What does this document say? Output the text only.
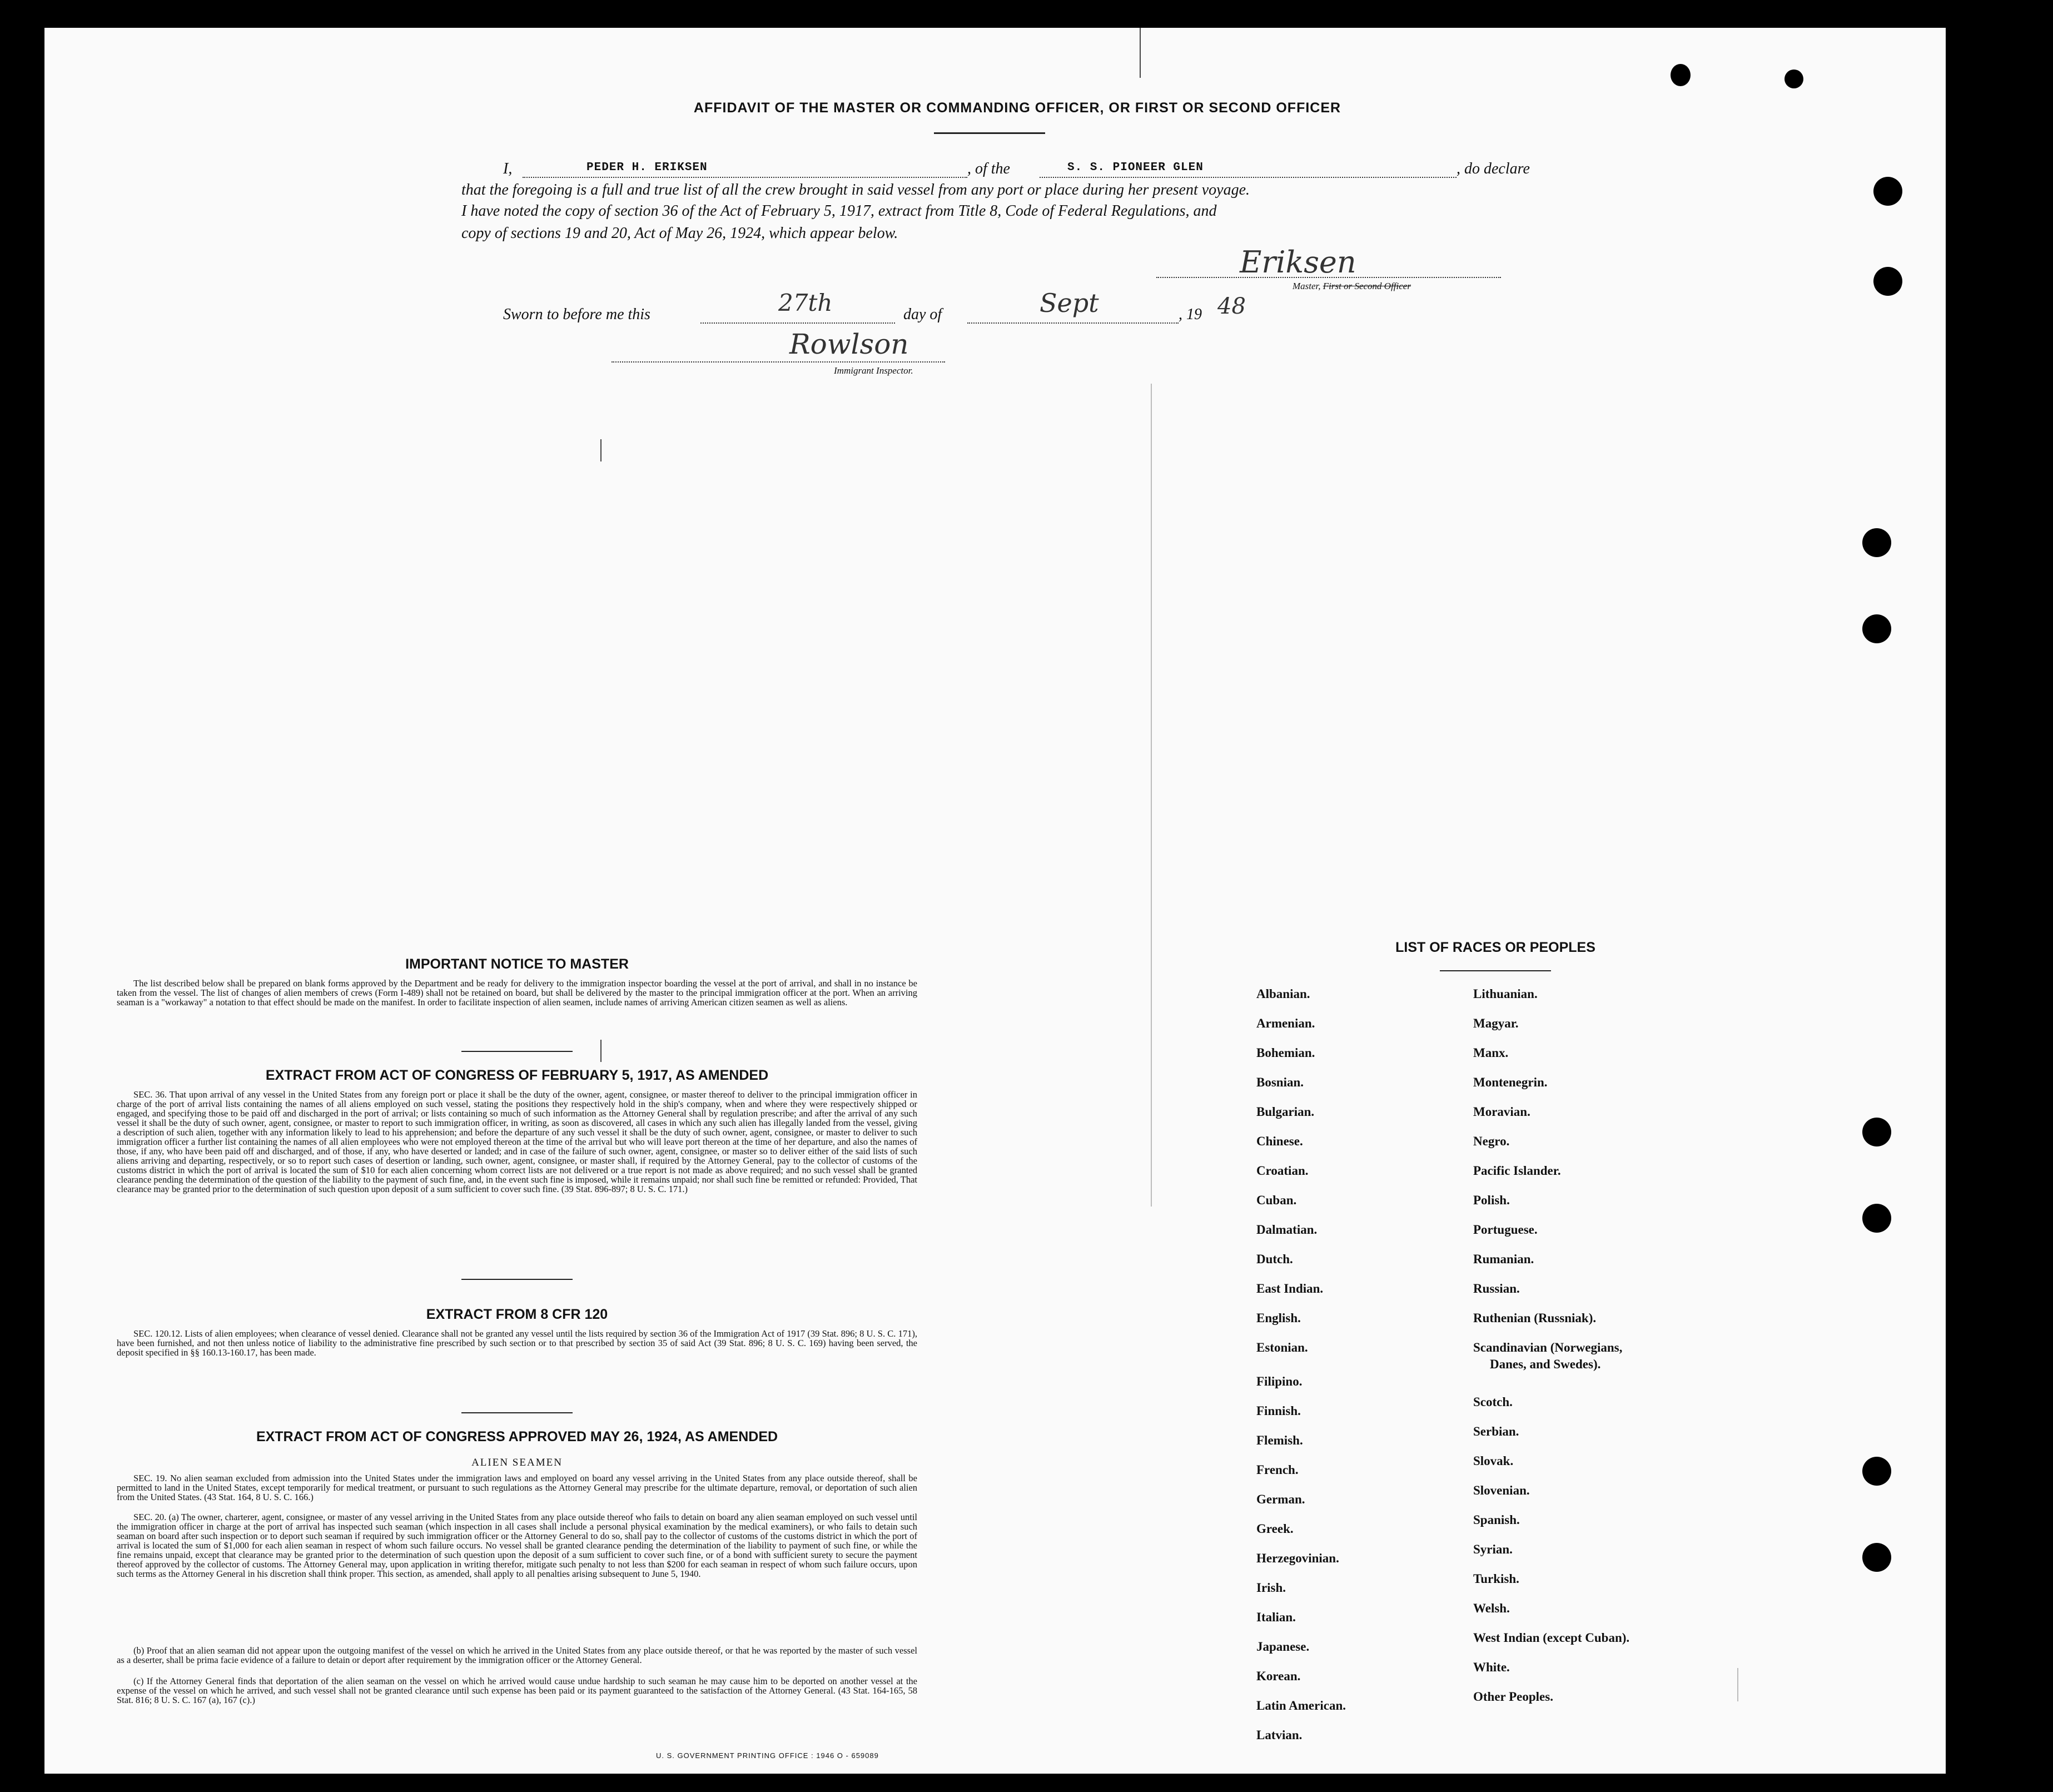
AFFIDAVIT OF THE MASTER OR COMMANDING OFFICER, OR FIRST OR SECOND OFFICER
I,	PEDER H. ERIKSEN	, of the	S. S. PIONEER GLEN	, do declare
that the foregoing is a full and true list of all the crew brought in said vessel from any port or place during her present voyage.
I have noted the copy of section 36 of the Act of February 5, 1917, extract from Title 8, Code of Federal Regulations, and
copy of sections 19 and 20, Act of May 26, 1924, which appear below.
Eriksen
Master, First or Second Officer
Sworn to before me this	27th	day of	Sept	, 19 48
Rowlson
Immigrant Inspector.
IMPORTANT NOTICE TO MASTER
The list described below shall be prepared on blank forms approved by the Department and be ready for delivery to the immigration inspector boarding the vessel at the port of arrival, and shall in no instance be taken from the vessel. The list of changes of alien members of crews (Form I-489) shall not be retained on board, but shall be delivered by the master to the principal immigration officer at the port. When an arriving seaman is a "workaway" a notation to that effect should be made on the manifest. In order to facilitate inspection of alien seamen, include names of arriving American citizen seamen as well as aliens.
EXTRACT FROM ACT OF CONGRESS OF FEBRUARY 5, 1917, AS AMENDED
SEC. 36. That upon arrival of any vessel in the United States from any foreign port or place it shall be the duty of the owner, agent, consignee, or master thereof to deliver to the principal immigration officer in charge of the port of arrival lists containing the names of all aliens employed on such vessel, stating the positions they respectively hold in the ship's company, when and where they were respectively shipped or engaged, and specifying those to be paid off and discharged in the port of arrival; or lists containing so much of such information as the Attorney General shall by regulation prescribe; and after the arrival of any such vessel it shall be the duty of such owner, agent, consignee, or master to report to such immigration officer, in writing, as soon as discovered, all cases in which any such alien has illegally landed from the vessel, giving a description of such alien, together with any information likely to lead to his apprehension; and before the departure of any such vessel it shall be the duty of such owner, agent, consignee, or master to deliver to such immigration officer a further list containing the names of all alien employees who were not employed thereon at the time of the arrival but who will leave port thereon at the time of her departure, and also the names of those, if any, who have been paid off and discharged, and of those, if any, who have deserted or landed; and in case of the failure of such owner, agent, consignee, or master so to deliver either of the said lists of such aliens arriving and departing, respectively, or so to report such cases of desertion or landing, such owner, agent, consignee, or master shall, if required by the Attorney General, pay to the collector of customs of the customs district in which the port of arrival is located the sum of $10 for each alien concerning whom correct lists are not delivered or a true report is not made as above required; and no such vessel shall be granted clearance pending the determination of the question of the liability to the payment of such fine, and, in the event such fine is imposed, while it remains unpaid; nor shall such fine be remitted or refunded: Provided, That clearance may be granted prior to the determination of such question upon deposit of a sum sufficient to cover such fine. (39 Stat. 896-897; 8 U. S. C. 171.)
EXTRACT FROM 8 CFR 120
SEC. 120.12. Lists of alien employees; when clearance of vessel denied. Clearance shall not be granted any vessel until the lists required by section 36 of the Immigration Act of 1917 (39 Stat. 896; 8 U. S. C. 171), have been furnished, and not then unless notice of liability to the administrative fine prescribed by such section or to that prescribed by section 35 of said Act (39 Stat. 896; 8 U. S. C. 169) having been served, the deposit specified in §§ 160.13-160.17, has been made.
EXTRACT FROM ACT OF CONGRESS APPROVED MAY 26, 1924, AS AMENDED
ALIEN SEAMEN
SEC. 19. No alien seaman excluded from admission into the United States under the immigration laws and employed on board any vessel arriving in the United States from any place outside thereof, shall be permitted to land in the United States, except temporarily for medical treatment, or pursuant to such regulations as the Attorney General may prescribe for the ultimate departure, removal, or deportation of such alien from the United States. (43 Stat. 164, 8 U. S. C. 166.)
SEC. 20. (a) The owner, charterer, agent, consignee, or master of any vessel arriving in the United States from any place outside thereof who fails to detain on board any alien seaman employed on such vessel until the immigration officer in charge at the port of arrival has inspected such seaman (which inspection in all cases shall include a personal physical examination by the medical examiners), or who fails to detain such seaman on board after such inspection or to deport such seaman if required by such immigration officer or the Attorney General to do so, shall pay to the collector of customs of the customs district in which the port of arrival is located the sum of $1,000 for each alien seaman in respect of whom such failure occurs. No vessel shall be granted clearance pending the determination of the liability to payment of such fine, or while the fine remains unpaid, except that clearance may be granted prior to the determination of such question upon the deposit of a sum sufficient to cover such fine, or of a bond with sufficient surety to secure the payment thereof approved by the collector of customs. The Attorney General may, upon application in writing therefor, mitigate such penalty to not less than $200 for each seaman in respect of whom such failure occurs, upon such terms as the Attorney General in his discretion shall think proper. This section, as amended, shall apply to all penalties arising subsequent to June 5, 1940.
(b) Proof that an alien seaman did not appear upon the outgoing manifest of the vessel on which he arrived in the United States from any place outside thereof, or that he was reported by the master of such vessel as a deserter, shall be prima facie evidence of a failure to detain or deport after requirement by the immigration officer or the Attorney General.
(c) If the Attorney General finds that deportation of the alien seaman on the vessel on which he arrived would cause undue hardship to such seaman he may cause him to be deported on another vessel at the expense of the vessel on which he arrived, and such vessel shall not be granted clearance until such expense has been paid or its payment guaranteed to the satisfaction of the Attorney General. (43 Stat. 164-165, 58 Stat. 816; 8 U. S. C. 167 (a), 167 (c).)
U. S. GOVERNMENT PRINTING OFFICE : 1946 O - 659089
LIST OF RACES OR PEOPLES
Albanian.
Armenian.
Bohemian.
Bosnian.
Bulgarian.
Chinese.
Croatian.
Cuban.
Dalmatian.
Dutch.
East Indian.
English.
Estonian.
Filipino.
Finnish.
Flemish.
French.
German.
Greek.
Herzegovinian.
Irish.
Italian.
Japanese.
Korean.
Latin American.
Latvian.
Lithuanian.
Magyar.
Manx.
Montenegrin.
Moravian.
Negro.
Pacific Islander.
Polish.
Portuguese.
Rumanian.
Russian.
Ruthenian (Russniak).
Scandinavian (Norwegians,
Danes, and Swedes).
Scotch.
Serbian.
Slovak.
Slovenian.
Spanish.
Syrian.
Turkish.
Welsh.
West Indian (except Cuban).
White.
Other Peoples.
